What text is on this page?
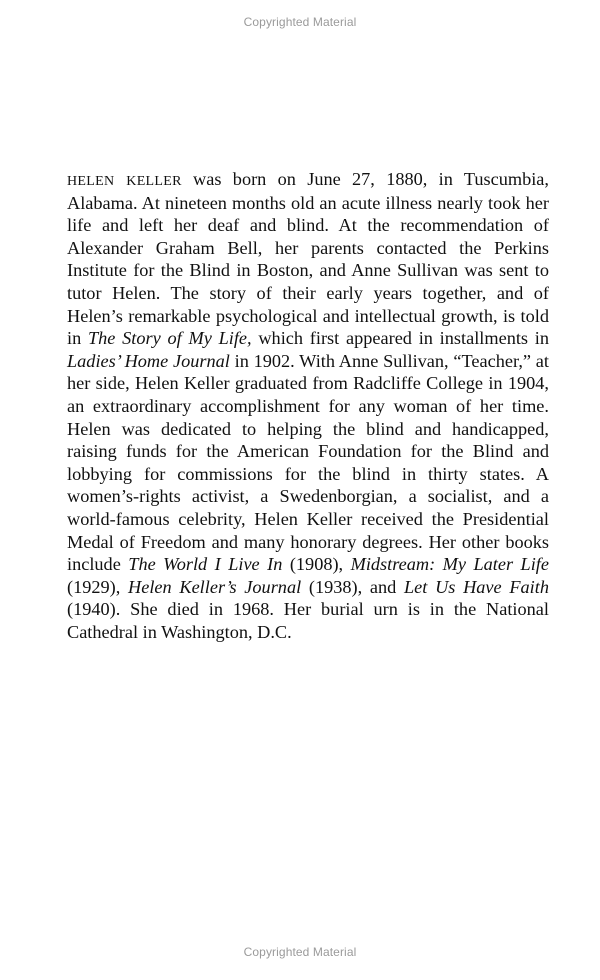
Copyrighted Material

helen keller was born on June 27, 1880, in Tuscumbia, Alabama. At nineteen months old an acute illness nearly took her life and left her deaf and blind. At the recommendation of Alexander Graham Bell, her parents contacted the Perkins Institute for the Blind in Boston, and Anne Sullivan was sent to tutor Helen. The story of their early years together, and of Helen’s remarkable psychological and intellectual growth, is told in The Story of My Life, which first appeared in installments in Ladies’ Home Journal in 1902. With Anne Sullivan, “Teacher,” at her side, Helen Keller graduated from Radcliffe College in 1904, an extraordinary accomplishment for any woman of her time. Helen was dedicated to helping the blind and handicapped, raising funds for the American Foundation for the Blind and lobbying for commissions for the blind in thirty states. A women’s-rights activist, a Swedenborgian, a socialist, and a world-famous celebrity, Helen Keller received the Presidential Medal of Freedom and many honorary degrees. Her other books include The World I Live In (1908), Midstream: My Later Life (1929), Helen Keller’s Journal (1938), and Let Us Have Faith (1940). She died in 1968. Her burial urn is in the National Cathedral in Washington, D.C.

Copyrighted Material
